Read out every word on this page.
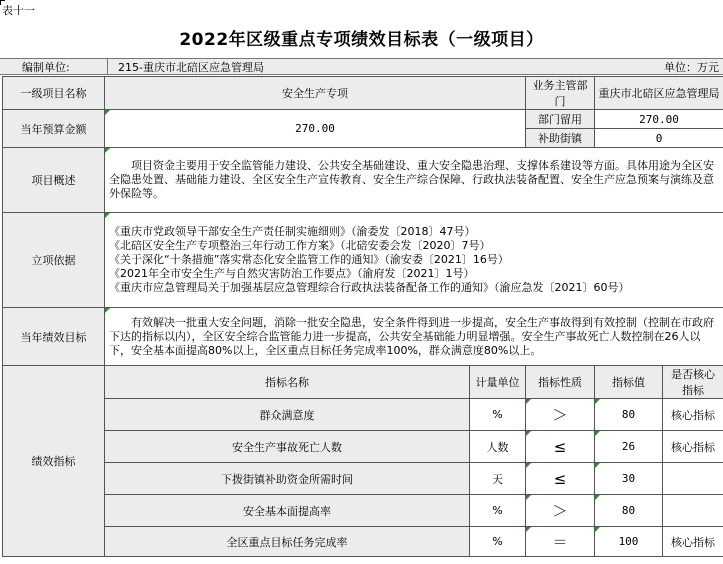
表十一
2022年区级重点专项绩效目标表（一级项目）
编制单位:	215-重庆市北碚区应急管理局	单位：万元
一级项目名称	安全生产专项		业务主管部门	重庆市北碚区应急管理局	
当年预算金额	270.00		部门留用	270.00	
			补助街镇	0	
项目概述	项目资金主要用于安全监管能力建设、公共安全基础建设、重大安全隐患治理、支撑体系建设等方面。具体用途为全区安全隐患处置、基础能力建设、全区安全生产宣传教育、安全生产综合保障、行政执法装备配置、安全生产应急预案与演练及意外保险等。				

立项依据	《重庆市党政领导干部安全生产责任制实施细则》（渝委发〔2018〕47号）
《北碚区安全生产专项整治三年行动工作方案》（北碚安委会发〔2020〕7号）
《关于深化“十条措施”落实常态化安全监管工作的通知》（渝安委〔2021〕16号）
《2021年全市安全生产与自然灾害防治工作要点》（渝府发〔2021〕1号）
《重庆市应急管理局关于加强基层应急管理综合行政执法装备配备工作的通知》（渝应急发〔2021〕60号）				

当年绩效目标	有效解决一批重大安全问题，消除一批安全隐患，安全条件得到进一步提高，安全生产事故得到有效控制（控制在市政府下达的指标以内），全区安全综合监管能力进一步提高，公共安全基础能力明显增强。安全生产事故死亡人数控制在26人以下，安全基本面提高80%以上，全区重点目标任务完成率100%，群众满意度80%以上。				

绩效指标	指标名称	计量单位	指标性质	指标值	是否核心指标
	群众满意度	%	＞	80	核心指标
	安全生产事故死亡人数	人数	≤	26	核心指标
	下拨街镇补助资金所需时间	天	≤	30	
	安全基本面提高率	%	＞	80	
	全区重点目标任务完成率	%	＝	100	核心指标
